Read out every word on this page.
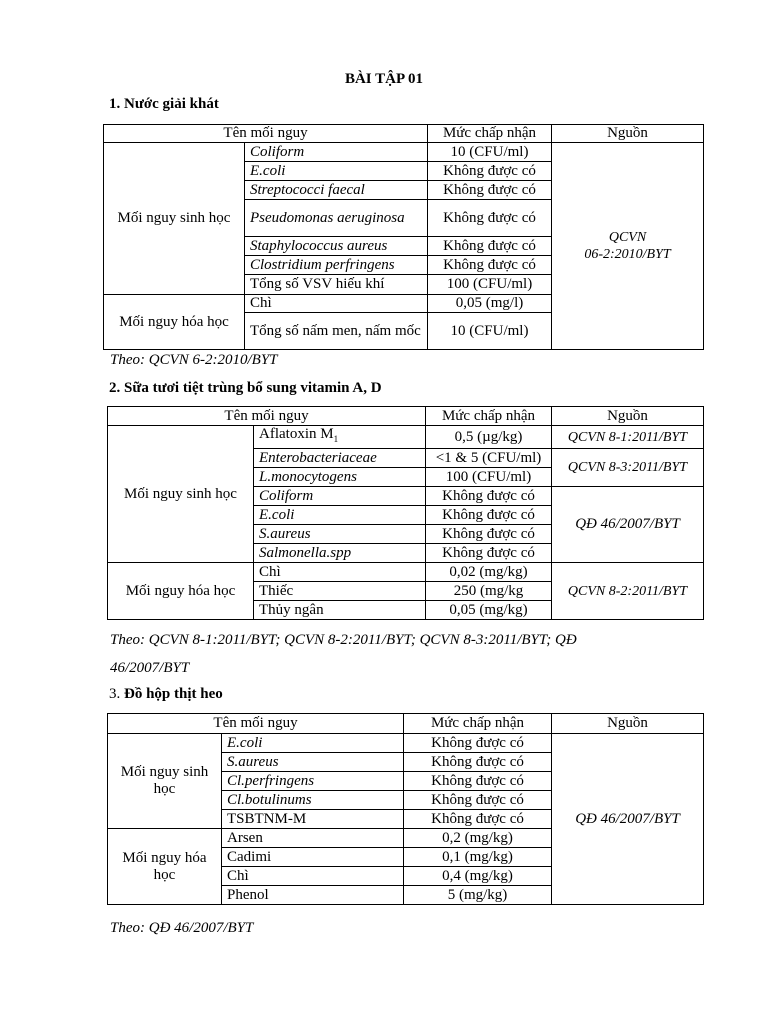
BÀI TẬP 01
1. Nước giải khát
Tên mối nguy		Mức chấp nhận	Nguồn
Mối nguy sinh học	Coliform	10 (CFU/ml)	QCVN
06-2:2010/BYT

	E.coli	Không được có	
	Streptococci faecal	Không được có	
	Pseudomonas aeruginosa	Không được có	
	Staphylococcus aureus	Không được có	
	Clostridium perfringens	Không được có	
	Tổng số VSV hiếu khí	100 (CFU/ml)	
Mối nguy hóa học	Chì	0,05 (mg/l)	
	Tổng số nấm men, nấm mốc	10 (CFU/ml)	
Theo: QCVN 6-2:2010/BYT
2. Sữa tươi tiệt trùng bổ sung vitamin A, D
Tên mối nguy		Mức chấp nhận	Nguồn
Mối nguy sinh học	Aflatoxin $M_1$	0,5 (µg/kg)	QCVN 8-1:2011/BYT
	Enterobacteriaceae	<1 & 5 (CFU/ml)	QCVN 8-3:2011/BYT
	L.monocytogens	100 (CFU/ml)	
	Coliform	Không được có	QĐ 46/2007/BYT
	E.coli	Không được có	
	S.aureus	Không được có	
	Salmonella.spp	Không được có	
Mối nguy hóa học	Chì	0,02 (mg/kg)	QCVN 8-2:2011/BYT
	Thiếc	250 (mg/kg	
	Thủy ngân	0,05 (mg/kg)	
Theo: QCVN 8-1:2011/BYT; QCVN 8-2:2011/BYT; QCVN 8-3:2011/BYT; QĐ
46/2007/BYT
3. Đồ hộp thịt heo
Tên mối nguy		Mức chấp nhận	Nguồn
Mối nguy sinh học	E.coli	Không được có	QĐ 46/2007/BYT
	S.aureus	Không được có	
	Cl.perfringens	Không được có	
	Cl.botulinums	Không được có	
	TSBTNM-M	Không được có	
Mối nguy hóa học	Arsen	0,2 (mg/kg)	
	Cadimi	0,1 (mg/kg)	
	Chì	0,4 (mg/kg)	
	Phenol	5 (mg/kg)	
Theo: QĐ 46/2007/BYT
